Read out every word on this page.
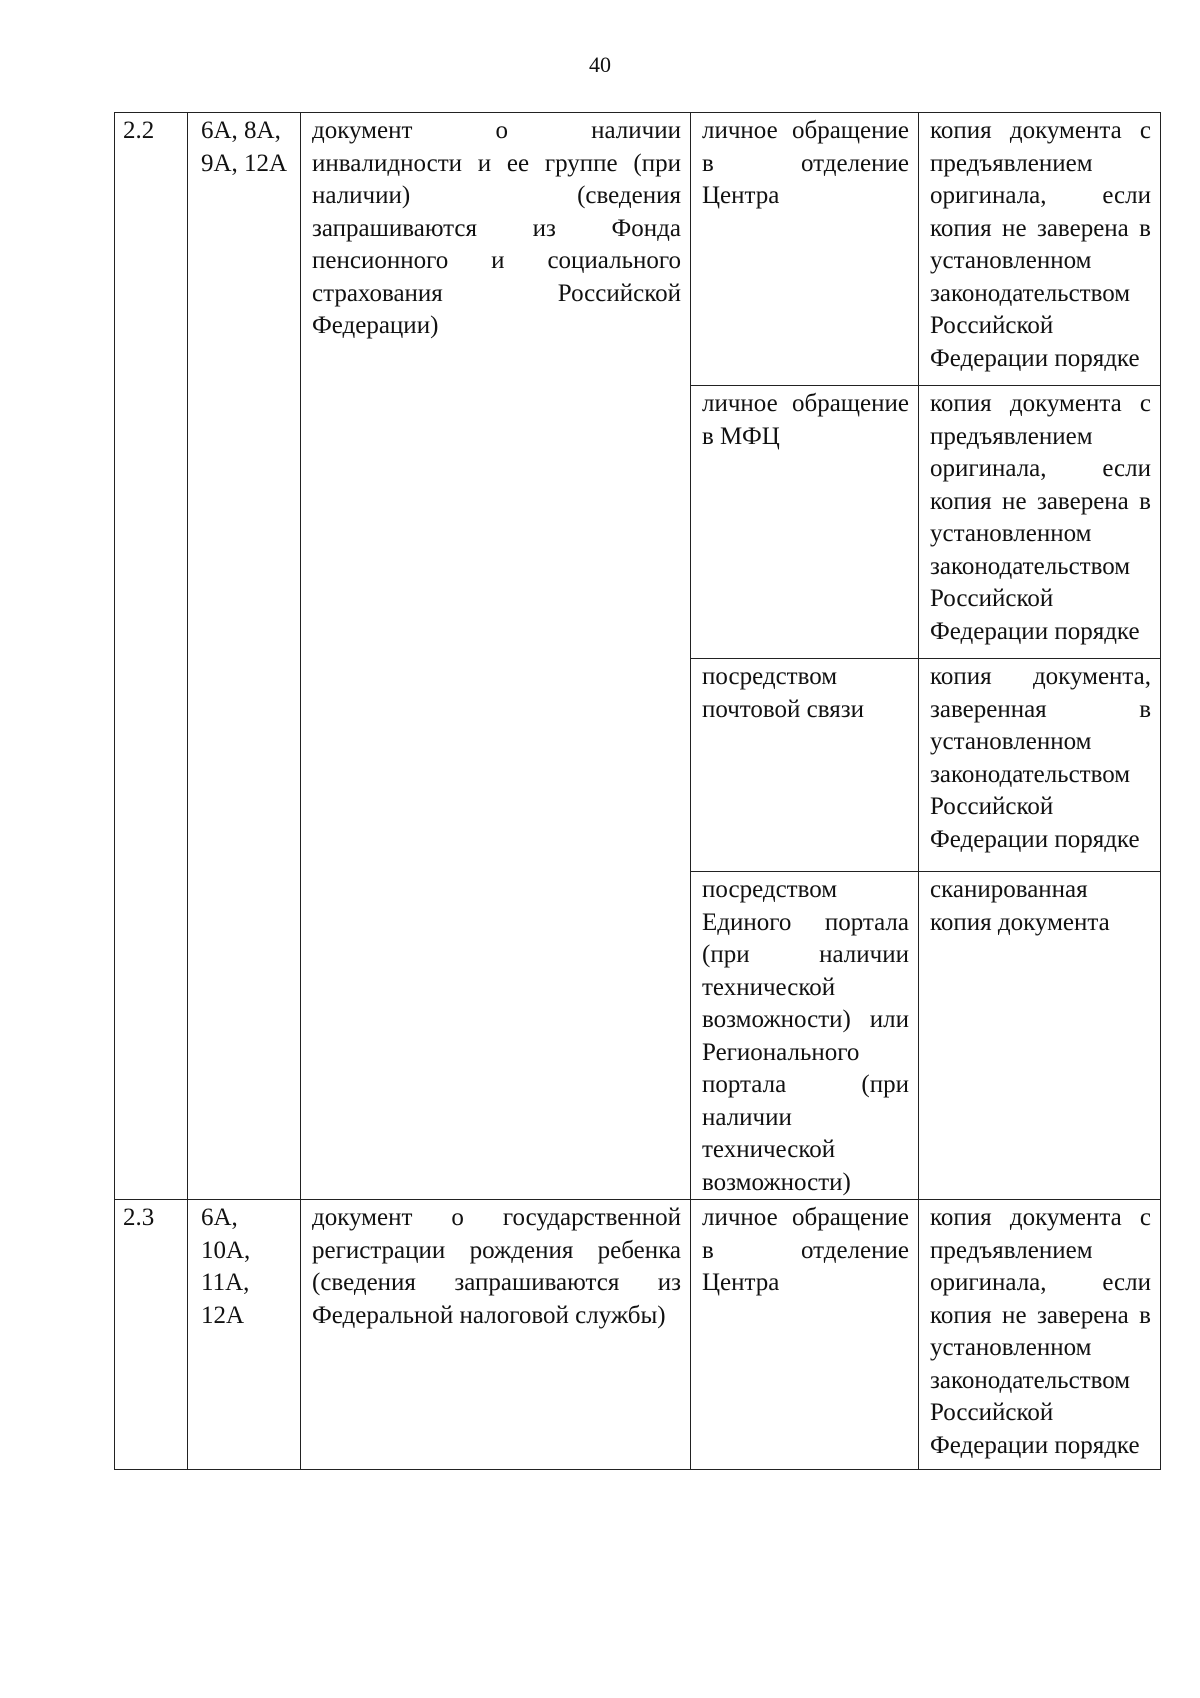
40
2.2	6А, 8А, 9А, 12А	документ о наличии инвалидности и ее группе (при наличии) (сведения запрашиваются из Фонда пенсионного и социального страхования Российской Федерации)	личное обращение в отделение Центра	копия документа с предъявлением оригинала, если копия не заверена в установленном законодательством Российской Федерации порядке
			личное обращение в МФЦ	копия документа с предъявлением оригинала, если копия не заверена в установленном законодательством Российской Федерации порядке
			посредством почтовой связи	копия документа, заверенная в установленном законодательством Российской Федерации порядке
			посредством Единого портала (при наличии технической возможности) или Регионального портала (при наличии технической возможности)	сканированная копия документа
2.3	6А, 10А, 11А, 12А	документ о государственной регистрации рождения ребенка (сведения запрашиваются из Федеральной налоговой службы)	личное обращение в отделение Центра	копия документа с предъявлением оригинала, если копия не заверена в установленном законодательством Российской Федерации порядке
